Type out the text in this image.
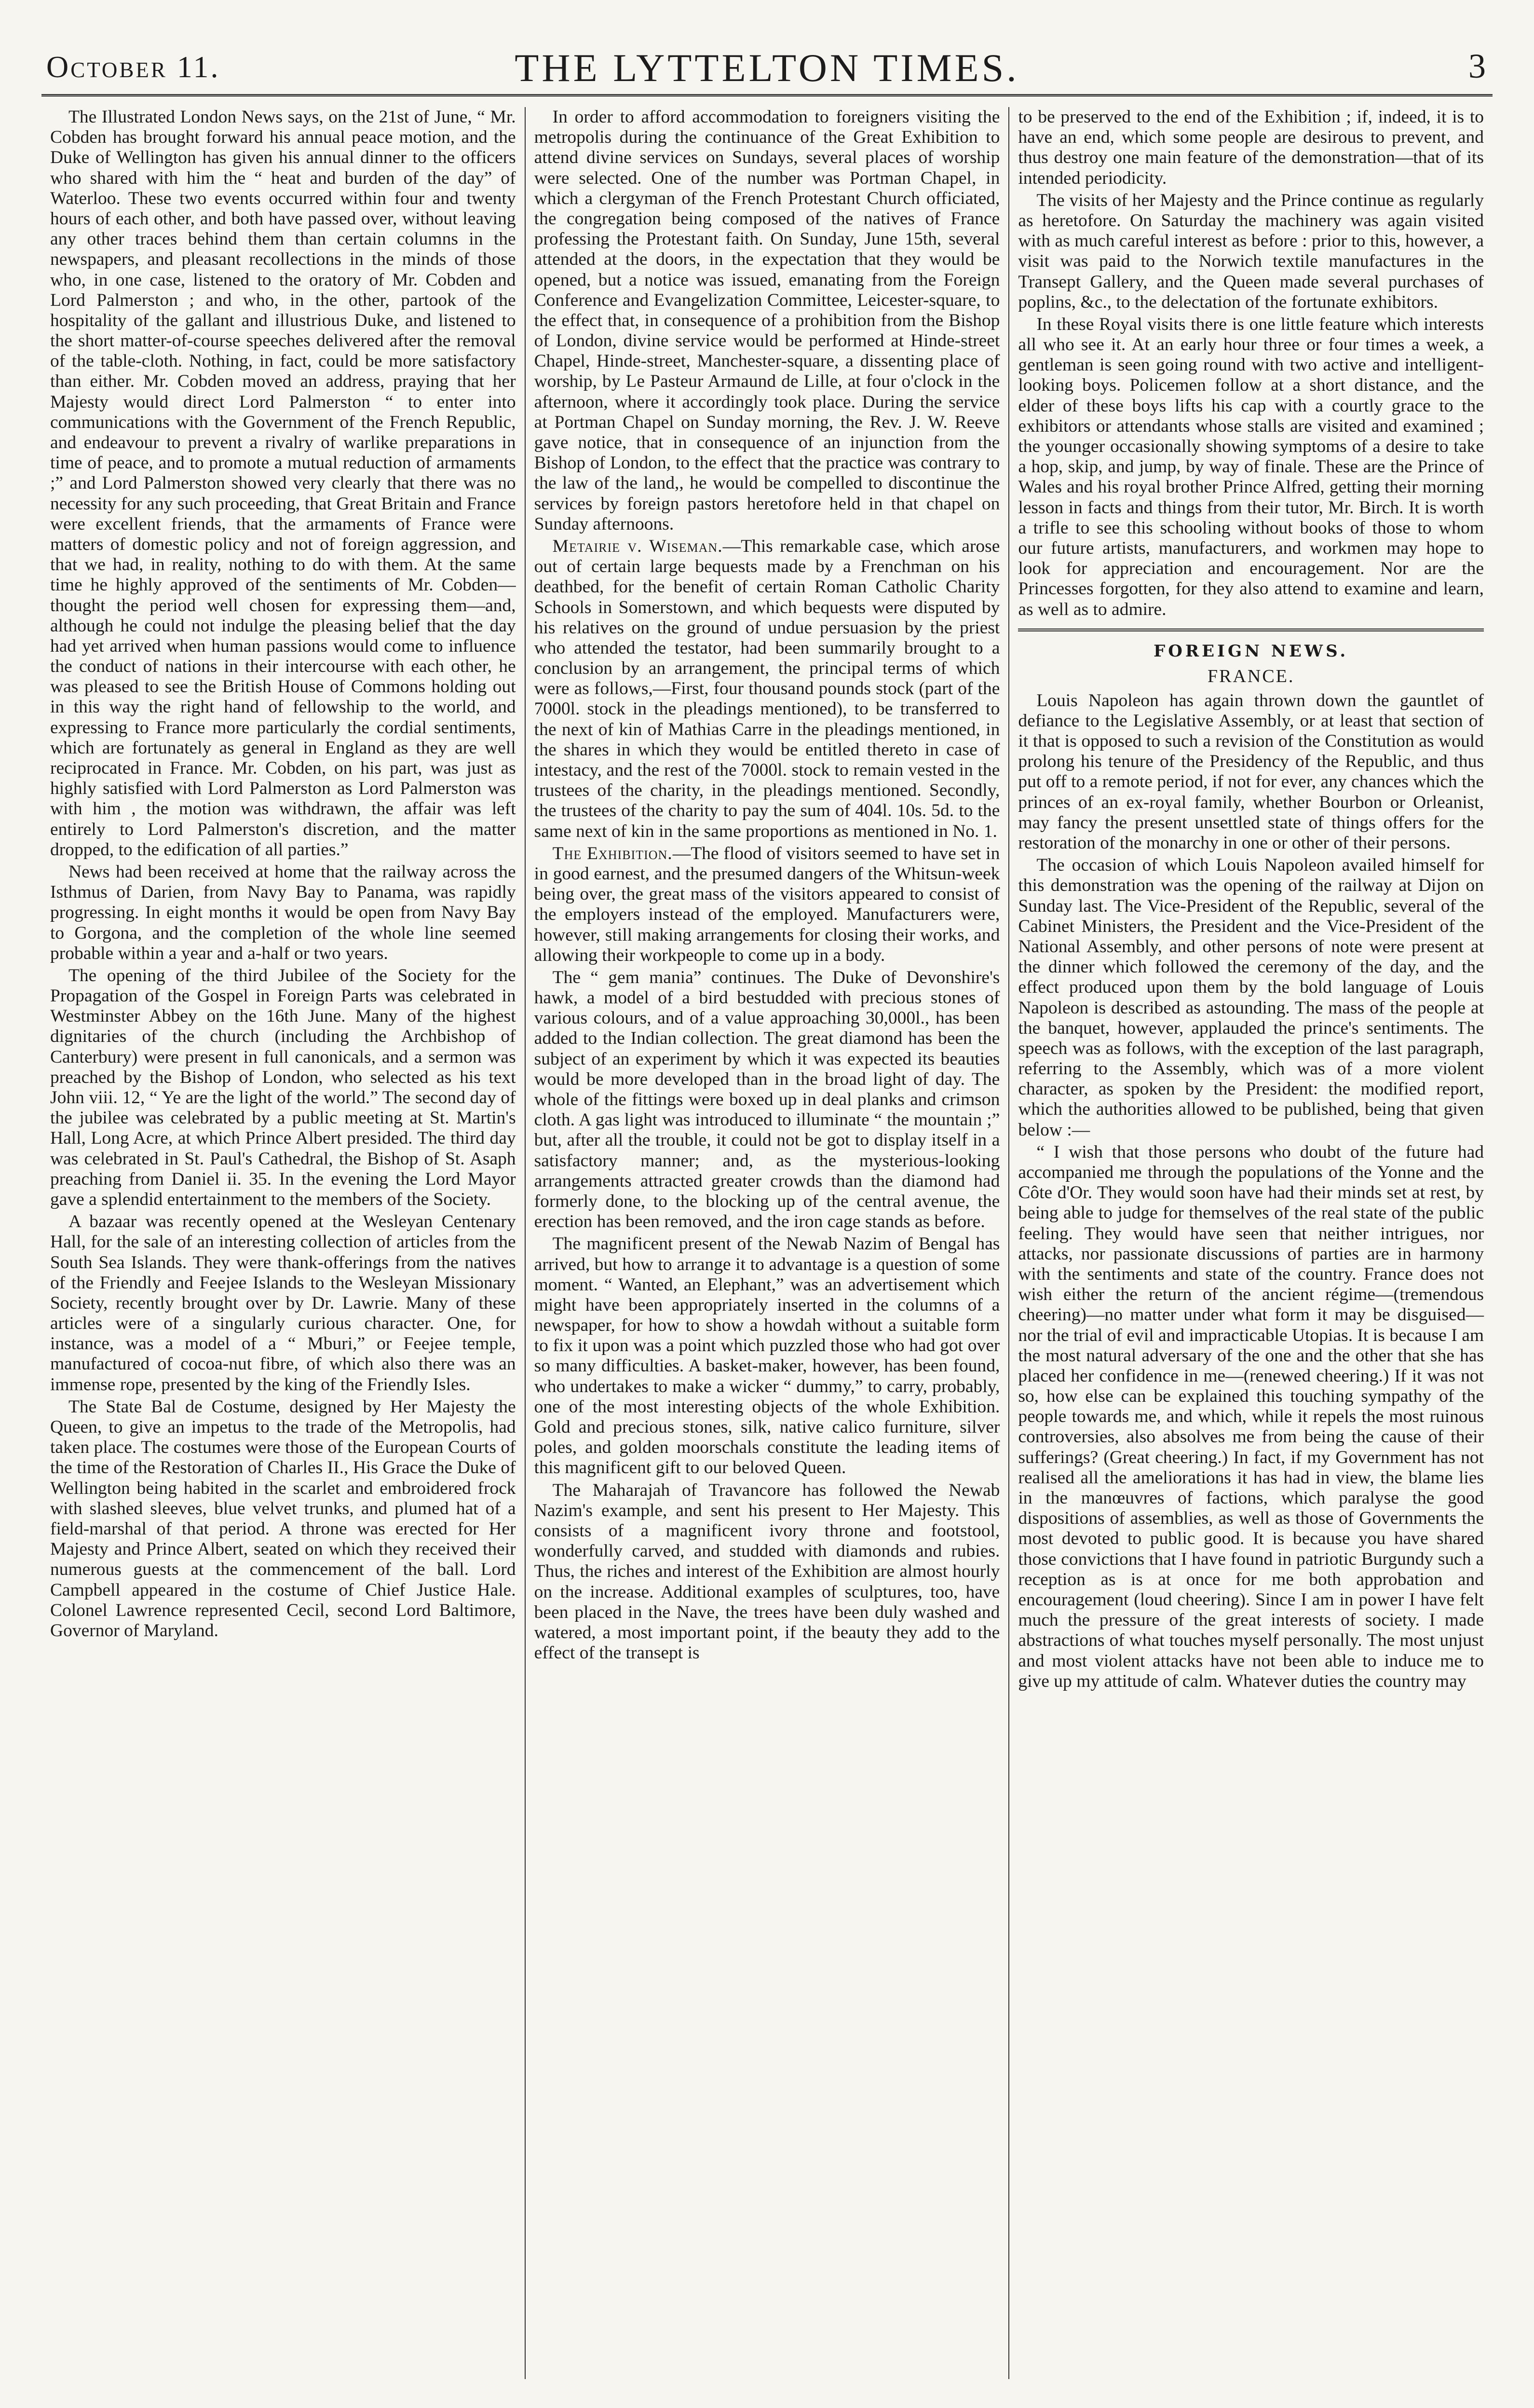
October 11.	THE LYTTELTON TIMES.	3

The Illustrated London News says, on the 21st of June, “ Mr. Cobden has brought forward his annual peace motion, and the Duke of Wellington has given his annual dinner to the officers who shared with him the “ heat and burden of the day” of Waterloo. These two events occurred within four and twenty hours of each other, and both have passed over, without leaving any other traces behind them than certain columns in the newspapers, and pleasant recollections in the minds of those who, in one case, listened to the oratory of Mr. Cobden and Lord Palmerston ; and who, in the other, partook of the hospitality of the gallant and illustrious Duke, and listened to the short matter-of-course speeches delivered after the removal of the table-cloth. Nothing, in fact, could be more satisfactory than either. Mr. Cobden moved an address, praying that her Majesty would direct Lord Palmerston “ to enter into communications with the Government of the French Republic, and endeavour to prevent a rivalry of warlike preparations in time of peace, and to promote a mutual reduction of armaments ;” and Lord Palmerston showed very clearly that there was no necessity for any such proceeding, that Great Britain and France were excellent friends, that the armaments of France were matters of domestic policy and not of foreign aggression, and that we had, in reality, nothing to do with them. At the same time he highly approved of the sentiments of Mr. Cobden—thought the period well chosen for expressing them—and, although he could not indulge the pleasing belief that the day had yet arrived when human passions would come to influence the conduct of nations in their intercourse with each other, he was pleased to see the British House of Commons holding out in this way the right hand of fellowship to the world, and expressing to France more particularly the cordial sentiments, which are fortunately as general in England as they are well reciprocated in France. Mr. Cobden, on his part, was just as highly satisfied with Lord Palmerston as Lord Palmerston was with him , the motion was withdrawn, the affair was left entirely to Lord Palmerston's discretion, and the matter dropped, to the edification of all parties.”

News had been received at home that the railway across the Isthmus of Darien, from Navy Bay to Panama, was rapidly progressing. In eight months it would be open from Navy Bay to Gorgona, and the completion of the whole line seemed probable within a year and a-half or two years.

The opening of the third Jubilee of the Society for the Propagation of the Gospel in Foreign Parts was celebrated in Westminster Abbey on the 16th June. Many of the highest dignitaries of the church (including the Archbishop of Canterbury) were present in full canonicals, and a sermon was preached by the Bishop of London, who selected as his text John viii. 12, “ Ye are the light of the world.” The second day of the jubilee was celebrated by a public meeting at St. Martin's Hall, Long Acre, at which Prince Albert presided. The third day was celebrated in St. Paul's Cathedral, the Bishop of St. Asaph preaching from Daniel ii. 35. In the evening the Lord Mayor gave a splendid entertainment to the members of the Society.

A bazaar was recently opened at the Wesleyan Centenary Hall, for the sale of an interesting collection of articles from the South Sea Islands. They were thank-offerings from the natives of the Friendly and Feejee Islands to the Wesleyan Missionary Society, recently brought over by Dr. Lawrie. Many of these articles were of a singularly curious character. One, for instance, was a model of a “ Mburi,” or Feejee temple, manufactured of cocoa-nut fibre, of which also there was an immense rope, presented by the king of the Friendly Isles.

The State Bal de Costume, designed by Her Majesty the Queen, to give an impetus to the trade of the Metropolis, had taken place. The costumes were those of the European Courts of the time of the Restoration of Charles II., His Grace the Duke of Wellington being habited in the scarlet and embroidered frock with slashed sleeves, blue velvet trunks, and plumed hat of a field-marshal of that period. A throne was erected for Her Majesty and Prince Albert, seated on which they received their numerous guests at the commencement of the ball. Lord Campbell appeared in the costume of Chief Justice Hale. Colonel Lawrence represented Cecil, second Lord Baltimore, Governor of Maryland.

In order to afford accommodation to foreigners visiting the metropolis during the continuance of the Great Exhibition to attend divine services on Sundays, several places of worship were selected. One of the number was Portman Chapel, in which a clergyman of the French Protestant Church officiated, the congregation being composed of the natives of France professing the Protestant faith. On Sunday, June 15th, several attended at the doors, in the expectation that they would be opened, but a notice was issued, emanating from the Foreign Conference and Evangelization Committee, Leicester-square, to the effect that, in consequence of a prohibition from the Bishop of London, divine service would be performed at Hinde-street Chapel, Hinde-street, Manchester-square, a dissenting place of worship, by Le Pasteur Armaund de Lille, at four o'clock in the afternoon, where it accordingly took place. During the service at Portman Chapel on Sunday morning, the Rev. J. W. Reeve gave notice, that in consequence of an injunction from the Bishop of London, to the effect that the practice was contrary to the law of the land,, he would be compelled to discontinue the services by foreign pastors heretofore held in that chapel on Sunday afternoons.

Metairie v. Wiseman.—This remarkable case, which arose out of certain large bequests made by a Frenchman on his deathbed, for the benefit of certain Roman Catholic Charity Schools in Somerstown, and which bequests were disputed by his relatives on the ground of undue persuasion by the priest who attended the testator, had been summarily brought to a conclusion by an arrangement, the principal terms of which were as follows,—First, four thousand pounds stock (part of the 7000l. stock in the pleadings mentioned), to be transferred to the next of kin of Mathias Carre in the pleadings mentioned, in the shares in which they would be entitled thereto in case of intestacy, and the rest of the 7000l. stock to remain vested in the trustees of the charity, in the pleadings mentioned. Secondly, the trustees of the charity to pay the sum of 404l. 10s. 5d. to the same next of kin in the same proportions as mentioned in No. 1.

The Exhibition.—The flood of visitors seemed to have set in in good earnest, and the presumed dangers of the Whitsun-week being over, the great mass of the visitors appeared to consist of the employers instead of the employed. Manufacturers were, however, still making arrangements for closing their works, and allowing their workpeople to come up in a body.

The “ gem mania” continues. The Duke of Devonshire's hawk, a model of a bird bestudded with precious stones of various colours, and of a value approaching 30,000l., has been added to the Indian collection. The great diamond has been the subject of an experiment by which it was expected its beauties would be more developed than in the broad light of day. The whole of the fittings were boxed up in deal planks and crimson cloth. A gas light was introduced to illuminate “ the mountain ;” but, after all the trouble, it could not be got to display itself in a satisfactory manner; and, as the mysterious-looking arrangements attracted greater crowds than the diamond had formerly done, to the blocking up of the central avenue, the erection has been removed, and the iron cage stands as before.

The magnificent present of the Newab Nazim of Bengal has arrived, but how to arrange it to advantage is a question of some moment. “ Wanted, an Elephant,” was an advertisement which might have been appropriately inserted in the columns of a newspaper, for how to show a howdah without a suitable form to fix it upon was a point which puzzled those who had got over so many difficulties. A basket-maker, however, has been found, who undertakes to make a wicker “ dummy,” to carry, probably, one of the most interesting objects of the whole Exhibition. Gold and precious stones, silk, native calico furniture, silver poles, and golden moorschals constitute the leading items of this magnificent gift to our beloved Queen.

The Maharajah of Travancore has followed the Newab Nazim's example, and sent his present to Her Majesty. This consists of a magnificent ivory throne and footstool, wonderfully carved, and studded with diamonds and rubies. Thus, the riches and interest of the Exhibition are almost hourly on the increase. Additional examples of sculptures, too, have been placed in the Nave, the trees have been duly washed and watered, a most important point, if the beauty they add to the effect of the transept is

to be preserved to the end of the Exhibition ; if, indeed, it is to have an end, which some people are desirous to prevent, and thus destroy one main feature of the demonstration—that of its intended periodicity.

The visits of her Majesty and the Prince continue as regularly as heretofore. On Saturday the machinery was again visited with as much careful interest as before : prior to this, however, a visit was paid to the Norwich textile manufactures in the Transept Gallery, and the Queen made several purchases of poplins, &c., to the delectation of the fortunate exhibitors.

In these Royal visits there is one little feature which interests all who see it. At an early hour three or four times a week, a gentleman is seen going round with two active and intelligent-looking boys. Policemen follow at a short distance, and the elder of these boys lifts his cap with a courtly grace to the exhibitors or attendants whose stalls are visited and examined ; the younger occasionally showing symptoms of a desire to take a hop, skip, and jump, by way of finale. These are the Prince of Wales and his royal brother Prince Alfred, getting their morning lesson in facts and things from their tutor, Mr. Birch. It is worth a trifle to see this schooling without books of those to whom our future artists, manufacturers, and workmen may hope to look for appreciation and encouragement. Nor are the Princesses forgotten, for they also attend to examine and learn, as well as to admire.

FOREIGN NEWS.
FRANCE.

Louis Napoleon has again thrown down the gauntlet of defiance to the Legislative Assembly, or at least that section of it that is opposed to such a revision of the Constitution as would prolong his tenure of the Presidency of the Republic, and thus put off to a remote period, if not for ever, any chances which the princes of an ex-royal family, whether Bourbon or Orleanist, may fancy the present unsettled state of things offers for the restoration of the monarchy in one or other of their persons.

The occasion of which Louis Napoleon availed himself for this demonstration was the opening of the railway at Dijon on Sunday last. The Vice-President of the Republic, several of the Cabinet Ministers, the President and the Vice-President of the National Assembly, and other persons of note were present at the dinner which followed the ceremony of the day, and the effect produced upon them by the bold language of Louis Napoleon is described as astounding. The mass of the people at the banquet, however, applauded the prince's sentiments. The speech was as follows, with the exception of the last paragraph, referring to the Assembly, which was of a more violent character, as spoken by the President: the modified report, which the authorities allowed to be published, being that given below :—

“ I wish that those persons who doubt of the future had accompanied me through the populations of the Yonne and the Côte d'Or. They would soon have had their minds set at rest, by being able to judge for themselves of the real state of the public feeling. They would have seen that neither intrigues, nor attacks, nor passionate discussions of parties are in harmony with the sentiments and state of the country. France does not wish either the return of the ancient régime—(tremendous cheering)—no matter under what form it may be disguised—nor the trial of evil and impracticable Utopias. It is because I am the most natural adversary of the one and the other that she has placed her confidence in me—(renewed cheering.) If it was not so, how else can be explained this touching sympathy of the people towards me, and which, while it repels the most ruinous controversies, also absolves me from being the cause of their sufferings? (Great cheering.) In fact, if my Government has not realised all the ameliorations it has had in view, the blame lies in the manœuvres of factions, which paralyse the good dispositions of assemblies, as well as those of Governments the most devoted to public good. It is because you have shared those convictions that I have found in patriotic Burgundy such a reception as is at once for me both approbation and encouragement (loud cheering). Since I am in power I have felt much the pressure of the great interests of society. I made abstractions of what touches myself personally. The most unjust and most violent attacks have not been able to induce me to give up my attitude of calm. Whatever duties the country may
